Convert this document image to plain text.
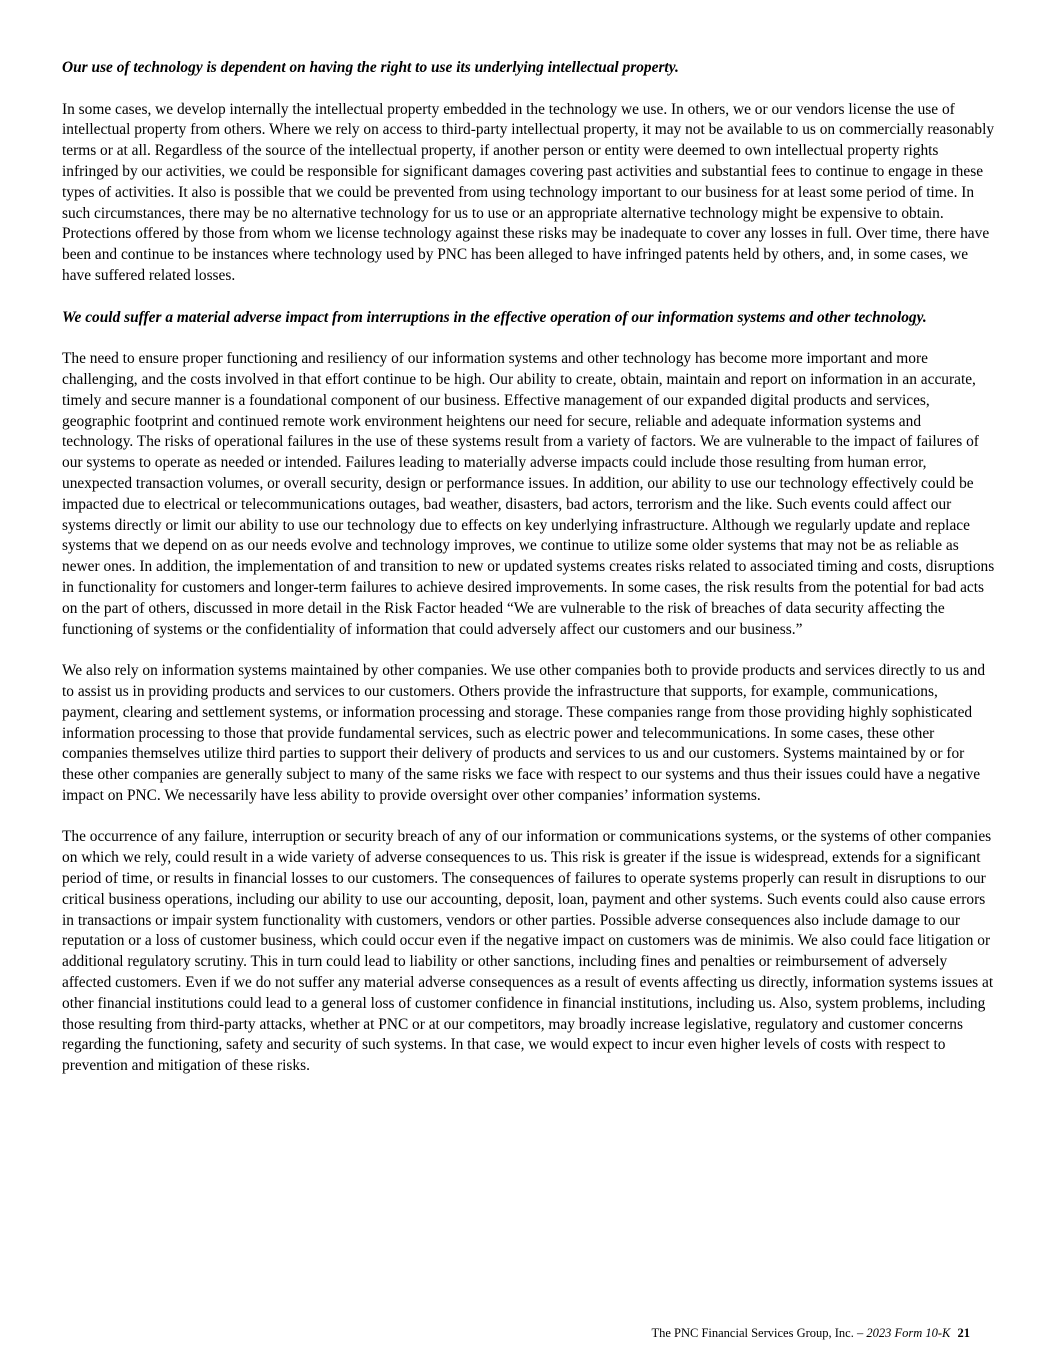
Our use of technology is dependent on having the right to use its underlying intellectual property.

In some cases, we develop internally the intellectual property embedded in the technology we use. In others, we or our vendors license the use of intellectual property from others. Where we rely on access to third-party intellectual property, it may not be available to us on commercially reasonably terms or at all. Regardless of the source of the intellectual property, if another person or entity were deemed to own intellectual property rights infringed by our activities, we could be responsible for significant damages covering past activities and substantial fees to continue to engage in these types of activities. It also is possible that we could be prevented from using technology important to our business for at least some period of time. In such circumstances, there may be no alternative technology for us to use or an appropriate alternative technology might be expensive to obtain. Protections offered by those from whom we license technology against these risks may be inadequate to cover any losses in full. Over time, there have been and continue to be instances where technology used by PNC has been alleged to have infringed patents held by others, and, in some cases, we have suffered related losses.

We could suffer a material adverse impact from interruptions in the effective operation of our information systems and other technology.

The need to ensure proper functioning and resiliency of our information systems and other technology has become more important and more challenging, and the costs involved in that effort continue to be high. Our ability to create, obtain, maintain and report on information in an accurate, timely and secure manner is a foundational component of our business. Effective management of our expanded digital products and services, geographic footprint and continued remote work environment heightens our need for secure, reliable and adequate information systems and technology. The risks of operational failures in the use of these systems result from a variety of factors. We are vulnerable to the impact of failures of our systems to operate as needed or intended. Failures leading to materially adverse impacts could include those resulting from human error, unexpected transaction volumes, or overall security, design or performance issues. In addition, our ability to use our technology effectively could be impacted due to electrical or telecommunications outages, bad weather, disasters, bad actors, terrorism and the like. Such events could affect our systems directly or limit our ability to use our technology due to effects on key underlying infrastructure. Although we regularly update and replace systems that we depend on as our needs evolve and technology improves, we continue to utilize some older systems that may not be as reliable as newer ones. In addition, the implementation of and transition to new or updated systems creates risks related to associated timing and costs, disruptions in functionality for customers and longer-term failures to achieve desired improvements. In some cases, the risk results from the potential for bad acts on the part of others, discussed in more detail in the Risk Factor headed “We are vulnerable to the risk of breaches of data security affecting the functioning of systems or the confidentiality of information that could adversely affect our customers and our business.”

We also rely on information systems maintained by other companies. We use other companies both to provide products and services directly to us and to assist us in providing products and services to our customers. Others provide the infrastructure that supports, for example, communications, payment, clearing and settlement systems, or information processing and storage. These companies range from those providing highly sophisticated information processing to those that provide fundamental services, such as electric power and telecommunications. In some cases, these other companies themselves utilize third parties to support their delivery of products and services to us and our customers. Systems maintained by or for these other companies are generally subject to many of the same risks we face with respect to our systems and thus their issues could have a negative impact on PNC. We necessarily have less ability to provide oversight over other companies’ information systems.

The occurrence of any failure, interruption or security breach of any of our information or communications systems, or the systems of other companies on which we rely, could result in a wide variety of adverse consequences to us. This risk is greater if the issue is widespread, extends for a significant period of time, or results in financial losses to our customers. The consequences of failures to operate systems properly can result in disruptions to our critical business operations, including our ability to use our accounting, deposit, loan, payment and other systems. Such events could also cause errors in transactions or impair system functionality with customers, vendors or other parties. Possible adverse consequences also include damage to our reputation or a loss of customer business, which could occur even if the negative impact on customers was de minimis. We also could face litigation or additional regulatory scrutiny. This in turn could lead to liability or other sanctions, including fines and penalties or reimbursement of adversely affected customers. Even if we do not suffer any material adverse consequences as a result of events affecting us directly, information systems issues at other financial institutions could lead to a general loss of customer confidence in financial institutions, including us. Also, system problems, including those resulting from third-party attacks, whether at PNC or at our competitors, may broadly increase legislative, regulatory and customer concerns regarding the functioning, safety and security of such systems. In that case, we would expect to incur even higher levels of costs with respect to prevention and mitigation of these risks.

The PNC Financial Services Group, Inc. – 2023 Form 10-K 21
